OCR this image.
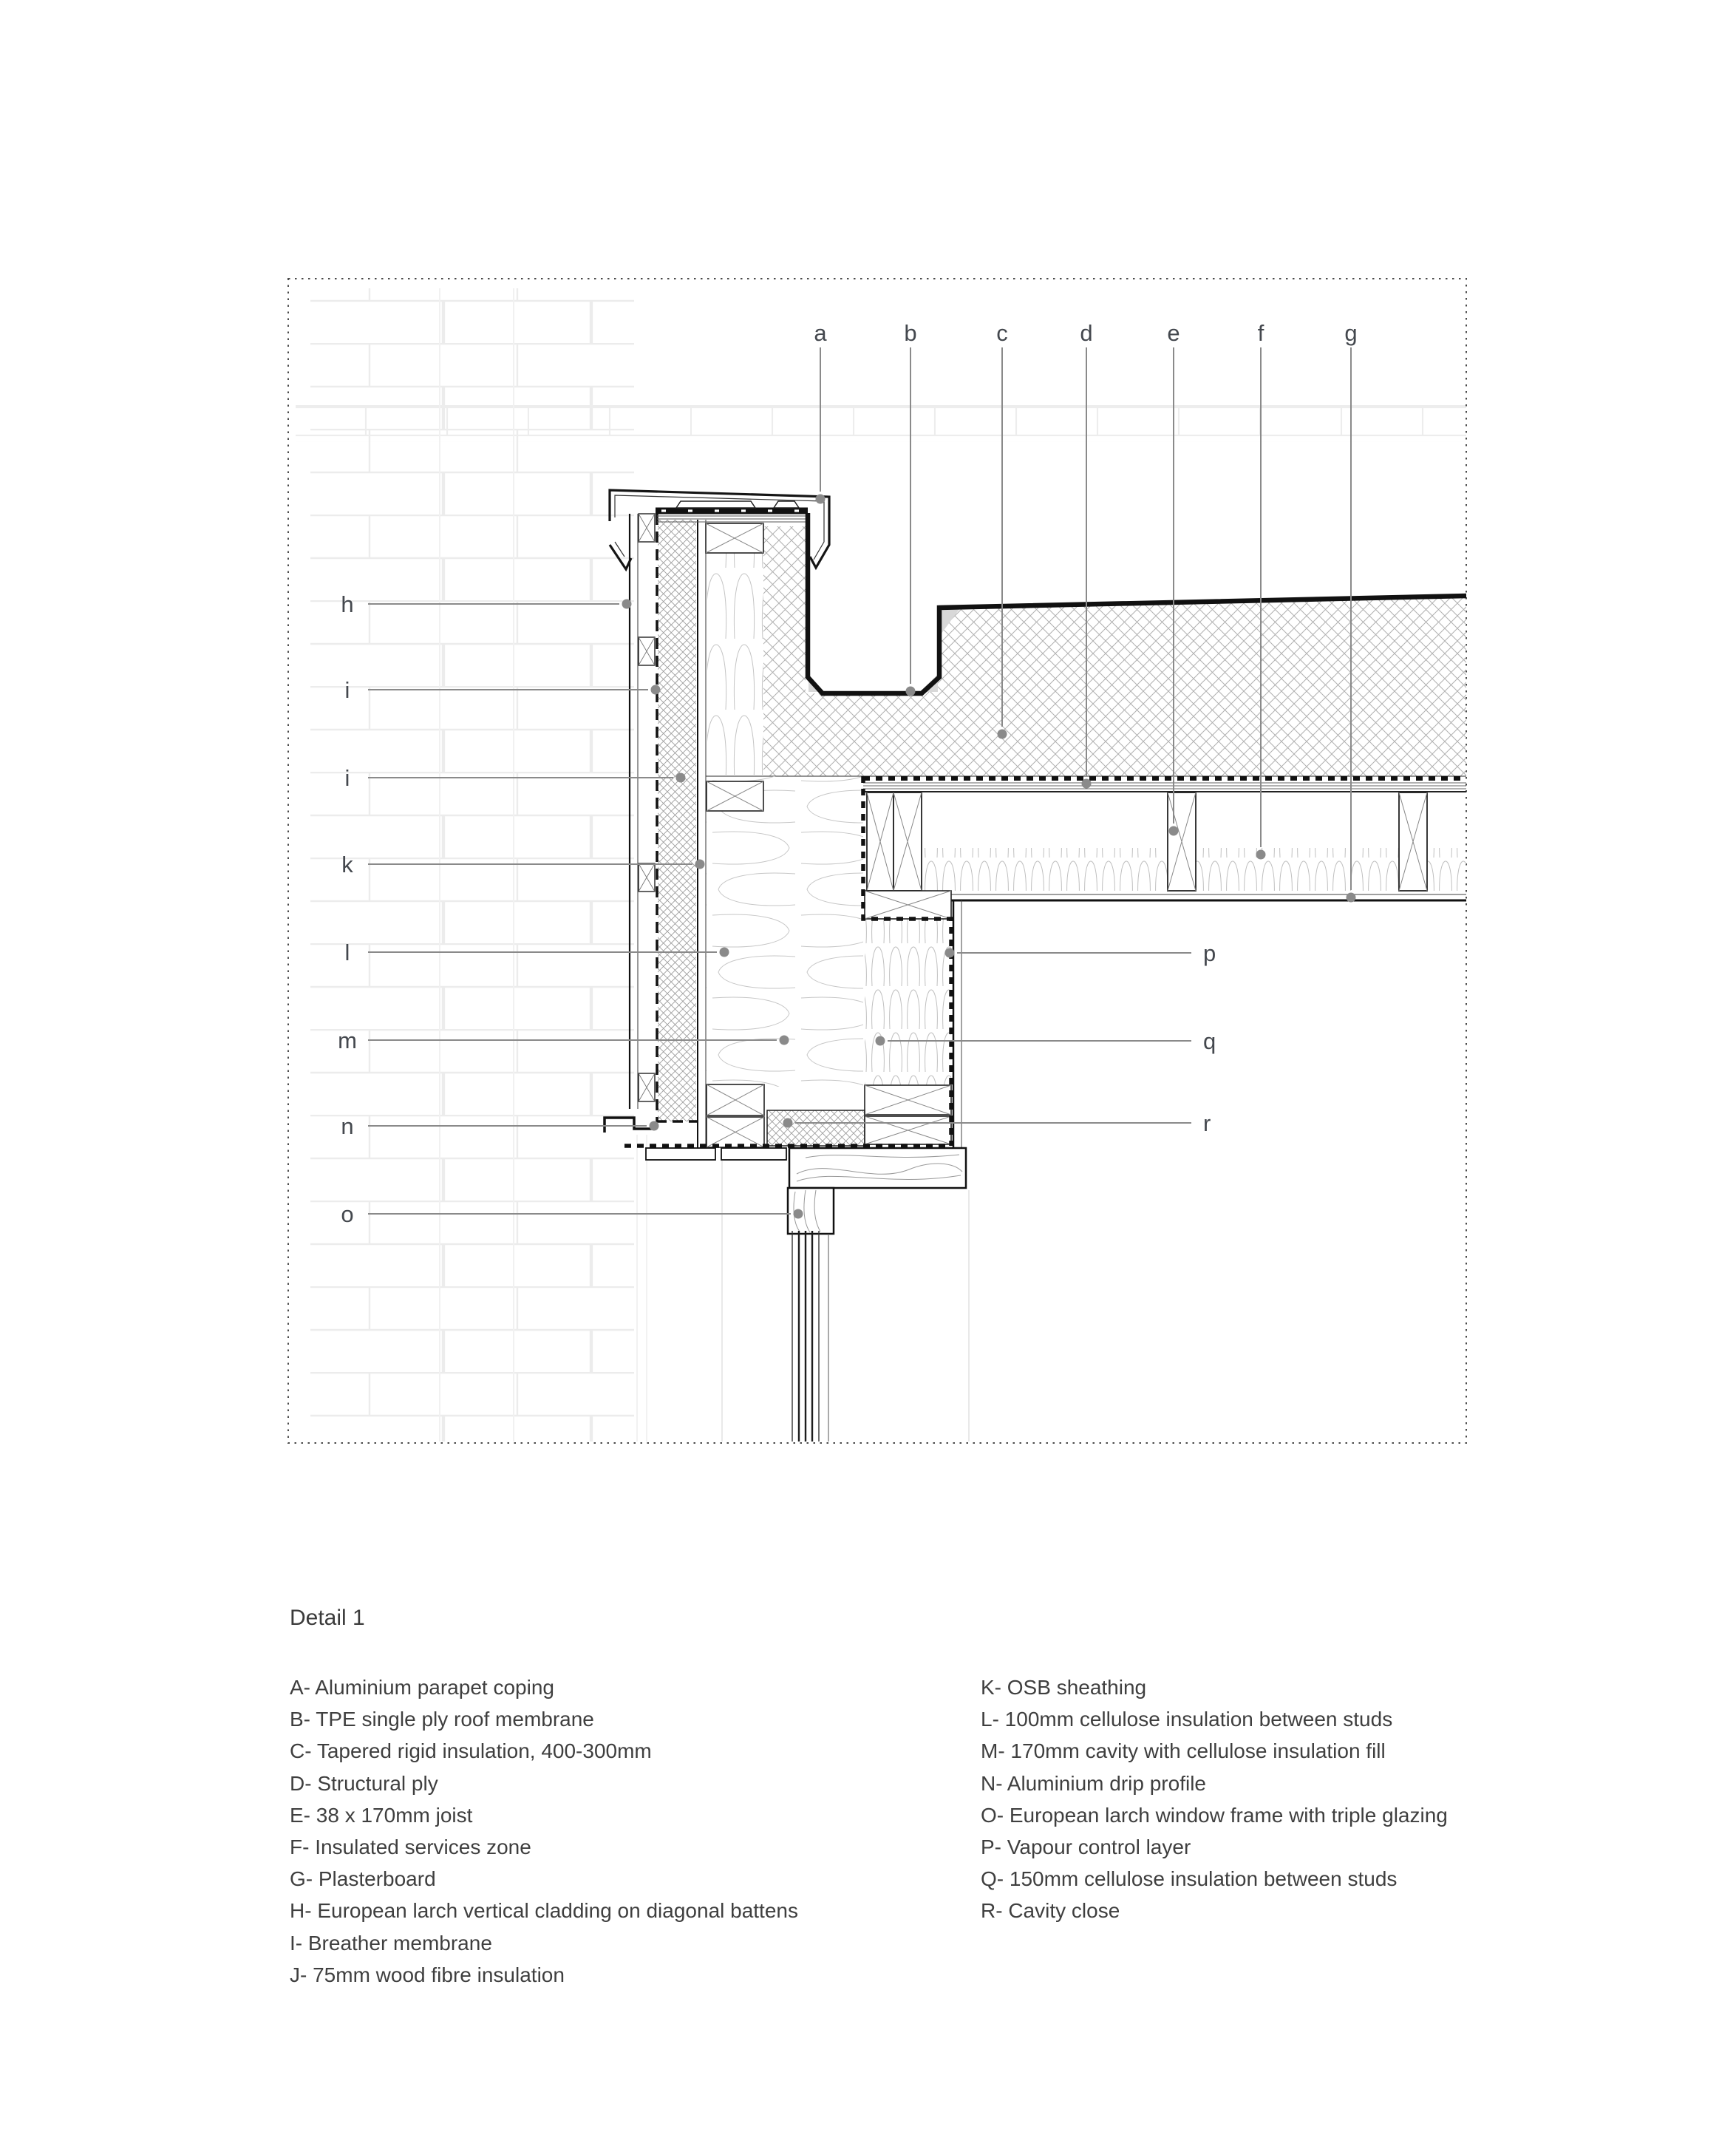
a	b	c	d	e	f	g
h
i
i
k
l
m
n
o
p
q
r
Detail 1
A- Aluminium parapet coping
B- TPE single ply roof membrane
C- Tapered rigid insulation, 400-300mm
D- Structural ply
E- 38 x 170mm joist
F- Insulated services zone
G- Plasterboard
H- European larch vertical cladding on diagonal battens
I- Breather membrane
J- 75mm wood fibre insulation
K- OSB sheathing
L- 100mm cellulose insulation between studs
M- 170mm cavity with cellulose insulation fill
N- Aluminium drip profile
O- European larch window frame with triple glazing
P- Vapour control layer
Q- 150mm cellulose insulation between studs
R- Cavity close
